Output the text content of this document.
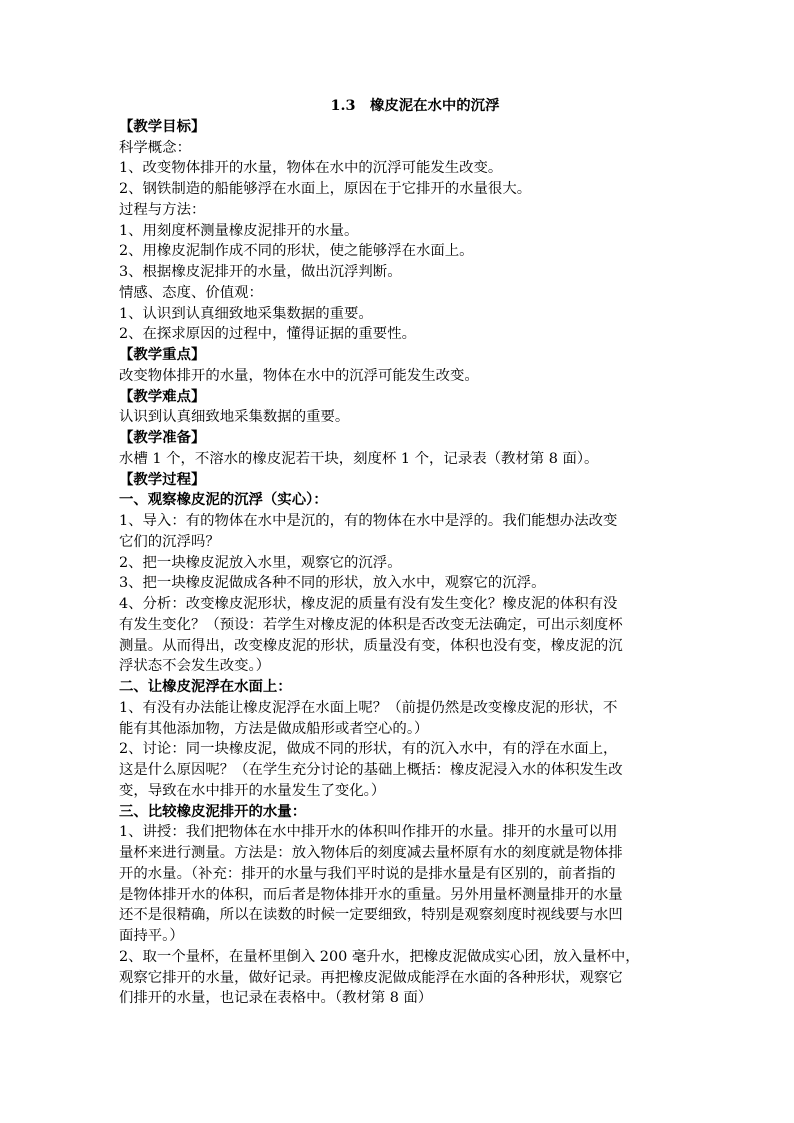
1.3　橡皮泥在水中的沉浮
【教学目标】
科学概念：
1、改变物体排开的水量，物体在水中的沉浮可能发生改变。
2、钢铁制造的船能够浮在水面上，原因在于它排开的水量很大。
过程与方法：
1、用刻度杯测量橡皮泥排开的水量。
2、用橡皮泥制作成不同的形状，使之能够浮在水面上。
3、根据橡皮泥排开的水量，做出沉浮判断。
情感、态度、价值观：
1、认识到认真细致地采集数据的重要。
2、在探求原因的过程中，懂得证据的重要性。
【教学重点】
改变物体排开的水量，物体在水中的沉浮可能发生改变。
【教学难点】
认识到认真细致地采集数据的重要。
【教学准备】
水槽 1 个，不溶水的橡皮泥若干块，刻度杯 1 个，记录表（教材第 8 面）。
【教学过程】
一、观察橡皮泥的沉浮（实心）：
1、导入：有的物体在水中是沉的，有的物体在水中是浮的。我们能想办法改变
它们的沉浮吗？
2、把一块橡皮泥放入水里，观察它的沉浮。
3、把一块橡皮泥做成各种不同的形状，放入水中，观察它的沉浮。
4、分析：改变橡皮泥形状，橡皮泥的质量有没有发生变化？橡皮泥的体积有没
有发生变化？（预设：若学生对橡皮泥的体积是否改变无法确定，可出示刻度杯
测量。从而得出，改变橡皮泥的形状，质量没有变，体积也没有变，橡皮泥的沉
浮状态不会发生改变。）
二、让橡皮泥浮在水面上：
1、有没有办法能让橡皮泥浮在水面上呢？（前提仍然是改变橡皮泥的形状，不
能有其他添加物，方法是做成船形或者空心的。）
2、讨论：同一块橡皮泥，做成不同的形状，有的沉入水中，有的浮在水面上，
这是什么原因呢？（在学生充分讨论的基础上概括：橡皮泥浸入水的体积发生改
变，导致在水中排开的水量发生了变化。）
三、比较橡皮泥排开的水量：
1、讲授：我们把物体在水中排开水的体积叫作排开的水量。排开的水量可以用
量杯来进行测量。方法是：放入物体后的刻度减去量杯原有水的刻度就是物体排
开的水量。（补充：排开的水量与我们平时说的是排水量是有区别的，前者指的
是物体排开水的体积，而后者是物体排开水的重量。另外用量杯测量排开的水量
还不是很精确，所以在读数的时候一定要细致，特别是观察刻度时视线要与水凹
面持平。）
2、取一个量杯，在量杯里倒入 200 毫升水，把橡皮泥做成实心团，放入量杯中，
观察它排开的水量，做好记录。再把橡皮泥做成能浮在水面的各种形状，观察它
们排开的水量，也记录在表格中。（教材第 8 面）
